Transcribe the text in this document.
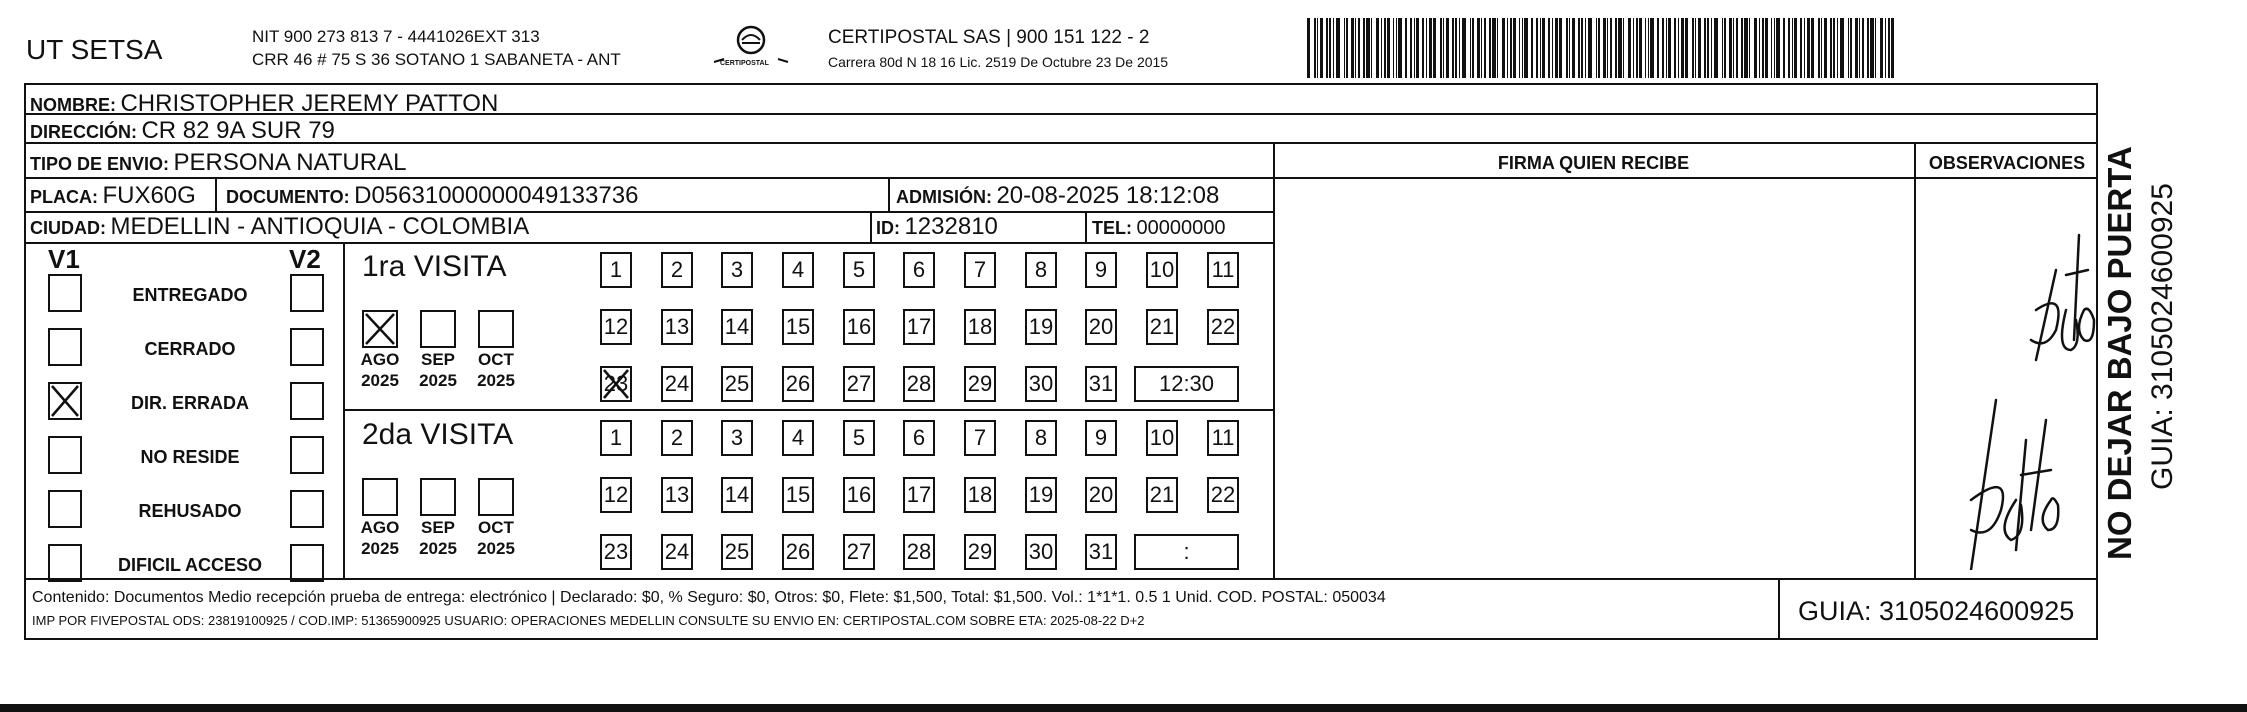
UT SETSA	NIT 900 273 813 7 - 4441026EXT 313
CRR 46 # 75 S 36 SOTANO 1 SABANETA - ANT	CERTIPOSTAL
CERTIPOSTAL SAS | 900 151 122 - 2
Carrera 80d N 18 16 Lic. 2519 De Octubre 23 De 2015
NOMBRE: CHRISTOPHER JEREMY PATTON
DIRECCIÓN: CR 82 9A SUR 79
TIPO DE ENVIO: PERSONA NATURAL
PLACA: FUX60G DOCUMENTO: D05631000000049133736	ADMISIÓN: 20-08-2025 18:12:08
CIUDAD: MEDELLIN - ANTIOQUIA - COLOMBIA	ID: 1232810	TEL: 00000000
FIRMA QUIEN RECIBE	OBSERVACIONES
V1	V2 1ra VISITA
2da VISITA
Contenido: Documentos Medio recepción prueba de entrega: electrónico | Declarado: $0, % Seguro: $0, Otros: $0, Flete: $1,500, Total: $1,500. Vol.: 1*1*1. 0.5 1 Unid. COD. POSTAL: 050034
IMP POR FIVEPOSTAL ODS: 23819100925 / COD.IMP: 51365900925 USUARIO: OPERACIONES MEDELLIN CONSULTE SU ENVIO EN: CERTIPOSTAL.COM SOBRE ETA: 2025-08-22 D+2	GUIA: 3105024600925
NO DEJAR BAJO PUERTA GUIA: 3105024600925
ENTREGADO
CERRADO
DIR. ERRADA
NO RESIDE
REHUSADO
DIFICIL ACCESO
AGO
2025
SEP
2025
OCT
2025
AGO
2025
SEP
2025
OCT
2025
1	2	3	4	5	6	7	8	9	10 11
12 13 14 15 16 17 18 19 20 21 22
23 24 25 26 27 28 29 30 31	12:30
1	2	3	4	5	6	7	8	9	10 11
12 13 14 15 16 17 18 19 20 21 22
23 24 25 26 27 28 29 30 31	:
